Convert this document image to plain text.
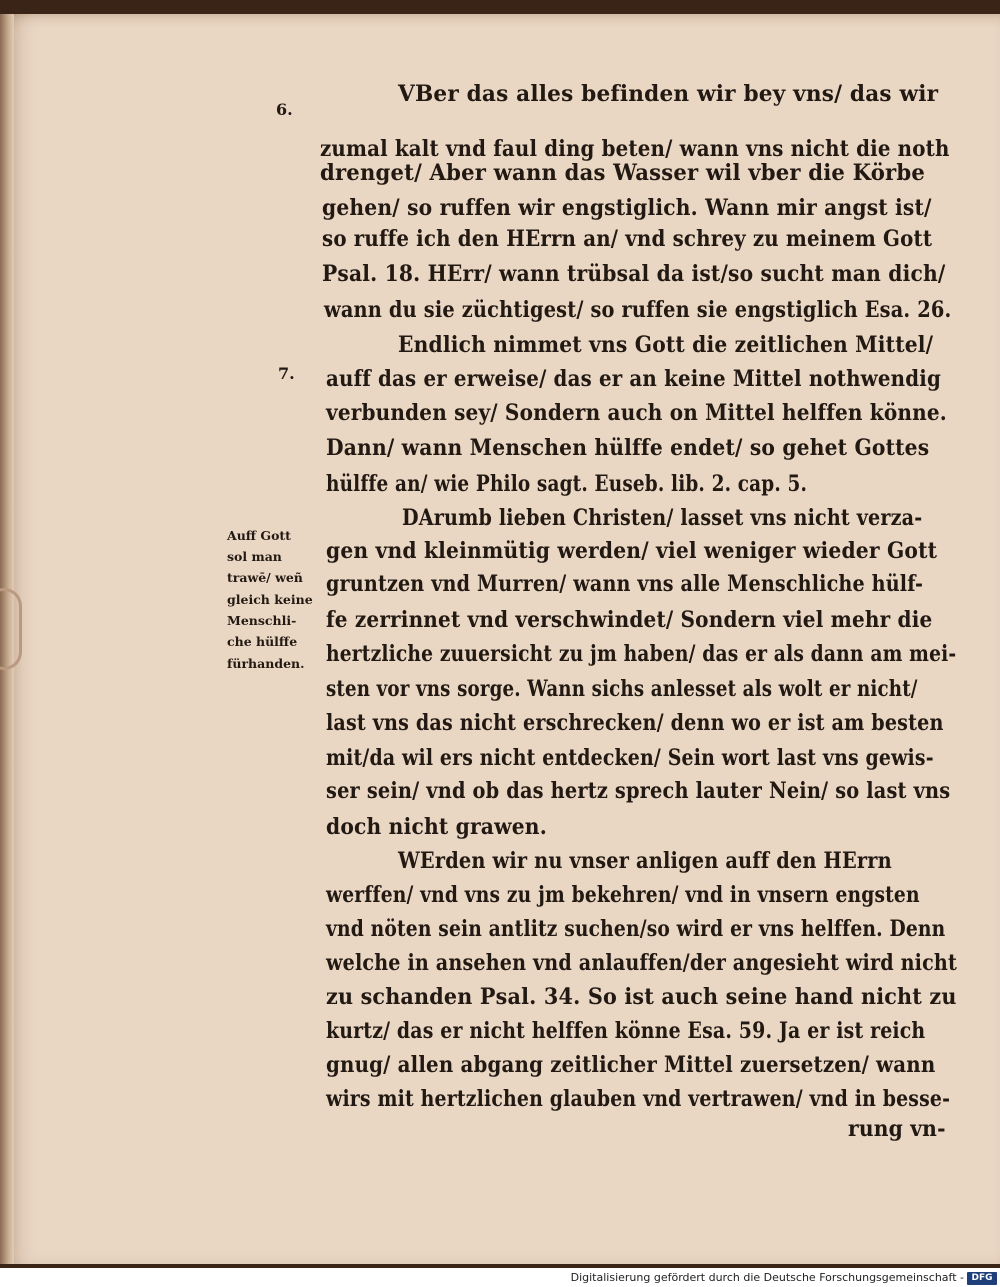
6.

7.

VBer das alles befinden wir bey vns/ das wir

zumal kalt vnd faul ding beten/ wann vns nicht die noth

drenget/ Aber wann das Wasser wil vber die Körbe

gehen/ so ruffen wir engstiglich. Wann mir angst ist/

so ruffe ich den HErrn an/ vnd schrey zu meinem Gott

Psal. 18. HErr/ wann trübsal da ist/so sucht man dich/

wann du sie züchtigest/ so ruffen sie engstiglich Esa. 26.

Endlich nimmet vns Gott die zeitlichen Mittel/

auff das er erweise/ das er an keine Mittel nothwendig

verbunden sey/ Sondern auch on Mittel helffen könne.

Dann/ wann Menschen hülffe endet/ so gehet Gottes

hülffe an/ wie Philo sagt. Euseb. lib. 2. cap. 5.

DArumb lieben Christen/ lasset vns nicht verza-

gen vnd kleinmütig werden/ viel weniger wieder Gott

gruntzen vnd Murren/ wann vns alle Menschliche hülf-

fe zerrinnet vnd verschwindet/ Sondern viel mehr die

hertzliche zuuersicht zu jm haben/ das er als dann am mei-

sten vor vns sorge. Wann sichs anlesset als wolt er nicht/

last vns das nicht erschrecken/ denn wo er ist am besten

mit/da wil ers nicht entdecken/ Sein wort last vns gewis-

ser sein/ vnd ob das hertz sprech lauter Nein/ so last vns

doch nicht grawen.

WErden wir nu vnser anligen auff den HErrn

werffen/ vnd vns zu jm bekehren/ vnd in vnsern engsten

vnd nöten sein antlitz suchen/so wird er vns helffen. Denn

welche in ansehen vnd anlauffen/der angesieht wird nicht

zu schanden Psal. 34. So ist auch seine hand nicht zu

kurtz/ das er nicht helffen könne Esa. 59. Ja er ist reich

gnug/ allen abgang zeitlicher Mittel zuersetzen/ wann

wirs mit hertzlichen glauben vnd vertrawen/ vnd in besse-

rung vn-

Auff Gott

sol man

trawē/ weñ

gleich keine

Menschli-

che hülffe

fürhanden.

Digitalisierung gefördert durch die Deutsche Forschungsgemeinschaft - DFG
